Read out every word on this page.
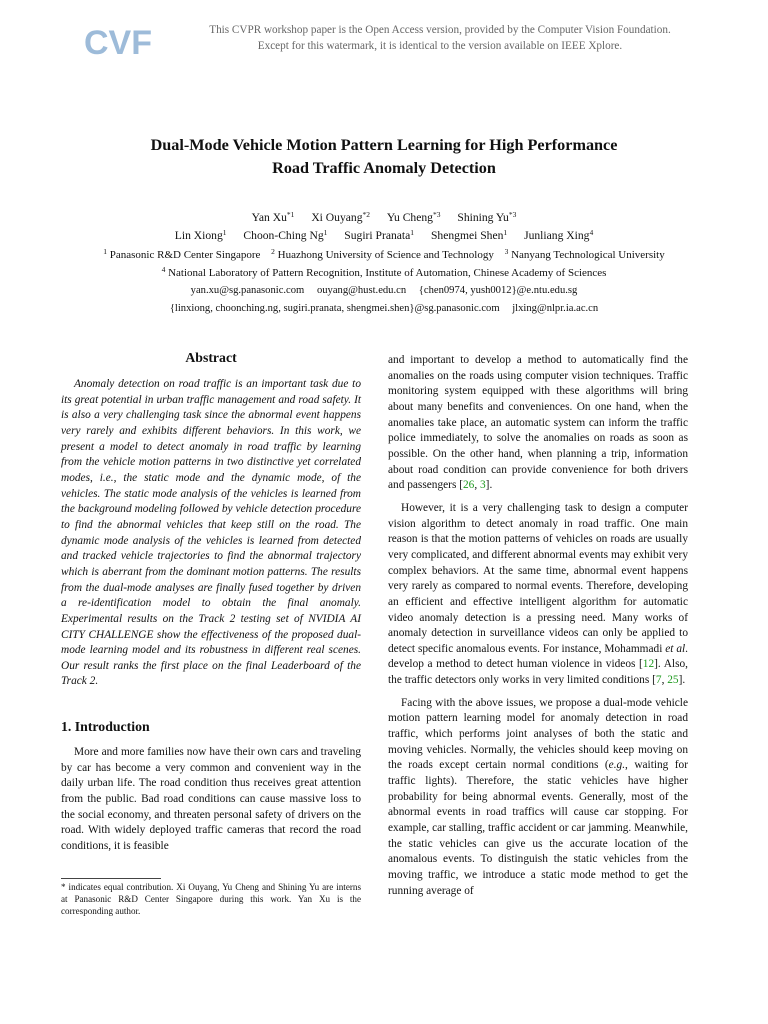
CVF	This CVPR workshop paper is the Open Access version, provided by the Computer Vision Foundation.
Except for this watermark, it is identical to the version available on IEEE Xplore.
Dual-Mode Vehicle Motion Pattern Learning for High Performance
Road Traffic Anomaly Detection
Yan Xu$^{*1}$ Xi Ouyang$^{*2}$ Yu Cheng$^{*3}$ Shining Yu$^{*3}$
Lin Xiong$^1$ Choon-Ching Ng$^1$ Sugiri Pranata$^1$ Shengmei Shen$^1$ Junliang Xing$^4$
$^1$ Panasonic R&D Center Singapore $^2$ Huazhong University of Science and Technology $^3$ Nanyang Technological University
$^4$ National Laboratory of Pattern Recognition, Institute of Automation, Chinese Academy of Sciences
yan.xu@sg.panasonic.com ouyang@hust.edu.cn {chen0974, yush0012}@e.ntu.edu.sg
{linxiong, choonching.ng, sugiri.pranata, shengmei.shen}@sg.panasonic.com jlxing@nlpr.ia.ac.cn
Abstract

Anomaly detection on road traffic is an important task due to its great potential in urban traffic management and road safety. It is also a very challenging task since the abnormal event happens very rarely and exhibits different behaviors. In this work, we present a model to detect anomaly in road traffic by learning from the vehicle motion patterns in two distinctive yet correlated modes, i.e., the static mode and the dynamic mode, of the vehicles. The static mode analysis of the vehicles is learned from the background modeling followed by vehicle detection procedure to find the abnormal vehicles that keep still on the road. The dynamic mode analysis of the vehicles is learned from detected and tracked vehicle trajectories to find the abnormal trajectory which is aberrant from the dominant motion patterns. The results from the dual-mode analyses are finally fused together by driven a re-identification model to obtain the final anomaly. Experimental results on the Track 2 testing set of NVIDIA AI CITY CHALLENGE show the effectiveness of the proposed dual-mode learning model and its robustness in different real scenes. Our result ranks the first place on the final Leaderboard of the Track 2.

1. Introduction

More and more families now have their own cars and traveling by car has become a very common and convenient way in the daily urban life. The road condition thus receives great attention from the public. Bad road conditions can cause massive loss to the social economy, and threaten personal safety of drivers on the road. With widely deployed traffic cameras that record the road conditions, it is feasible

* indicates equal contribution. Xi Ouyang, Yu Cheng and Shining Yu are interns at Panasonic R&D Center Singapore during this work. Yan Xu is the corresponding author.

and important to develop a method to automatically find the anomalies on the roads using computer vision techniques. Traffic monitoring system equipped with these algorithms will bring about many benefits and conveniences. On one hand, when the anomalies take place, an automatic system can inform the traffic police immediately, to solve the anomalies on roads as soon as possible. On the other hand, when planning a trip, information about road condition can provide convenience for both drivers and passengers [26, 3].

However, it is a very challenging task to design a computer vision algorithm to detect anomaly in road traffic. One main reason is that the motion patterns of vehicles on roads are usually very complicated, and different abnormal events may exhibit very complex behaviors. At the same time, abnormal event happens very rarely as compared to normal events. Therefore, developing an efficient and effective intelligent algorithm for automatic video anomaly detection is a pressing need. Many works of anomaly detection in surveillance videos can only be applied to detect specific anomalous events. For instance, Mohammadi et al. develop a method to detect human violence in videos [12]. Also, the traffic detectors only works in very limited conditions [7, 25].

Facing with the above issues, we propose a dual-mode vehicle motion pattern learning model for anomaly detection in road traffic, which performs joint analyses of both the static and moving vehicles. Normally, the vehicles should keep moving on the roads except certain normal conditions (e.g., waiting for traffic lights). Therefore, the static vehicles have higher probability for being abnormal events. Generally, most of the abnormal events in road traffics will cause car stopping. For example, car stalling, traffic accident or car jamming. Meanwhile, the static vehicles can give us the accurate location of the anomalous events. To distinguish the static vehicles from the moving traffic, we introduce a static mode method to get the running average of
